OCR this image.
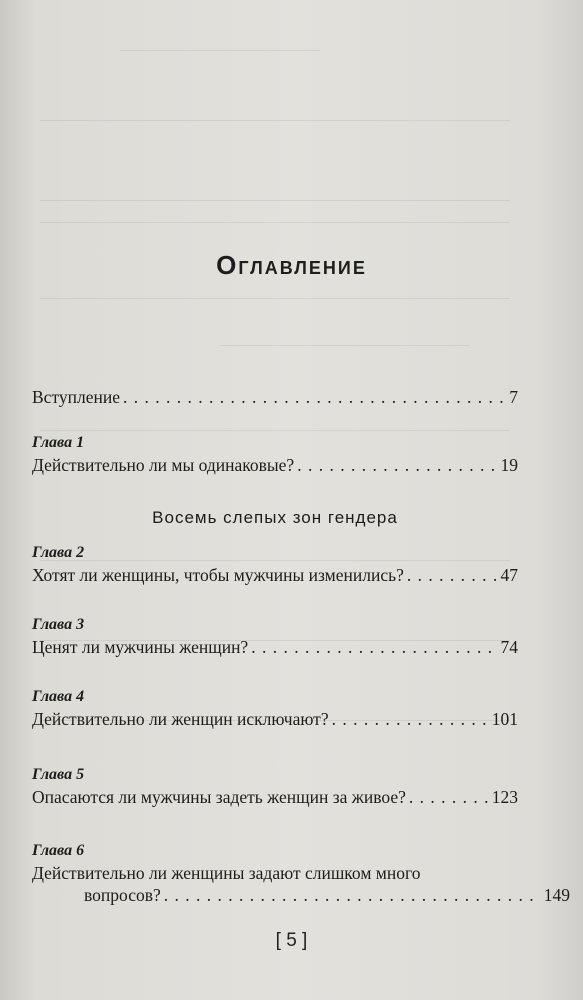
Оглавление
Вступление . . .	7
Глава 1
Действительно ли мы одинаковые? . . .	19
Восемь слепых зон гендера
Глава 2
Хотят ли женщины, чтобы мужчины изменились? . . .	47
Глава 3
Ценят ли мужчины женщин? . . .	74
Глава 4
Действительно ли женщин исключают? . . .	101
Глава 5
Опасаются ли мужчины задеть женщин за живое? . . .	123
Глава 6
Действительно ли женщины задают слишком много
вопросов? . . .	149
[ 5 ]
